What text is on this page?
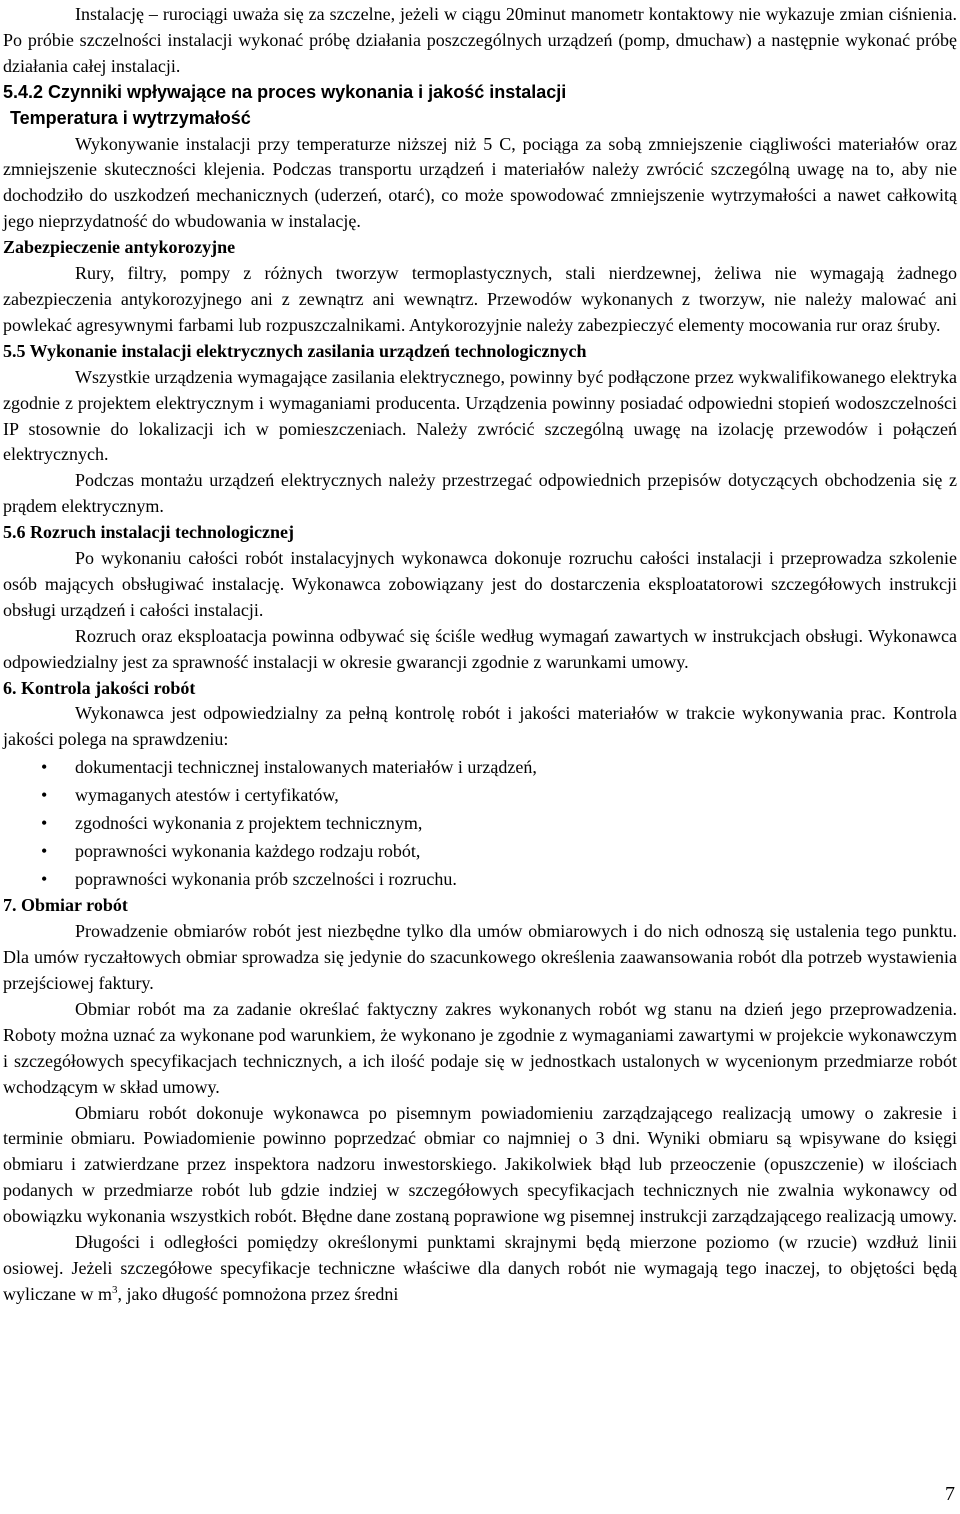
Instalację – rurociągi uważa się za szczelne, jeżeli w ciągu 20minut manometr kontaktowy nie wykazuje zmian ciśnienia. Po próbie szczelności instalacji wykonać próbę działania poszczególnych urządzeń (pomp, dmuchaw) a następnie wykonać próbę działania całej instalacji.

5.4.2 Czynniki wpływające na proces wykonania i jakość instalacji
Temperatura i wytrzymałość

Wykonywanie instalacji przy temperaturze niższej niż 5 C, pociąga za sobą zmniejszenie ciągliwości materiałów oraz zmniejszenie skuteczności klejenia. Podczas transportu urządzeń i materiałów należy zwrócić szczególną uwagę na to, aby nie dochodziło do uszkodzeń mechanicznych (uderzeń, otarć), co może spowodować zmniejszenie wytrzymałości a nawet całkowitą jego nieprzydatność do wbudowania w instalację.

Zabezpieczenie antykorozyjne

Rury, filtry, pompy z różnych tworzyw termoplastycznych, stali nierdzewnej, żeliwa nie wymagają żadnego zabezpieczenia antykorozyjnego ani z zewnątrz ani wewnątrz. Przewodów wykonanych z tworzyw, nie należy malować ani powlekać agresywnymi farbami lub rozpuszczalnikami. Antykorozyjnie należy zabezpieczyć elementy mocowania rur oraz śruby.

5.5 Wykonanie instalacji elektrycznych zasilania urządzeń technologicznych

Wszystkie urządzenia wymagające zasilania elektrycznego, powinny być podłączone przez wykwalifikowanego elektryka zgodnie z projektem elektrycznym i wymaganiami producenta. Urządzenia powinny posiadać odpowiedni stopień wodoszczelności IP stosownie do lokalizacji ich w pomieszczeniach. Należy zwrócić szczególną uwagę na izolację przewodów i połączeń elektrycznych.

Podczas montażu urządzeń elektrycznych należy przestrzegać odpowiednich przepisów dotyczących obchodzenia się z prądem elektrycznym.

5.6 Rozruch instalacji technologicznej

Po wykonaniu całości robót instalacyjnych wykonawca dokonuje rozruchu całości instalacji i przeprowadza szkolenie osób mających obsługiwać instalację. Wykonawca zobowiązany jest do dostarczenia eksploatatorowi szczegółowych instrukcji obsługi urządzeń i całości instalacji.

Rozruch oraz eksploatacja powinna odbywać się ściśle według wymagań zawartych w instrukcjach obsługi. Wykonawca odpowiedzialny jest za sprawność instalacji w okresie gwarancji zgodnie z warunkami umowy.

6. Kontrola jakości robót

Wykonawca jest odpowiedzialny za pełną kontrolę robót i jakości materiałów w trakcie wykonywania prac. Kontrola jakości polega na sprawdzeniu:

• dokumentacji technicznej instalowanych materiałów i urządzeń,
• wymaganych atestów i certyfikatów,
• zgodności wykonania z projektem technicznym,
• poprawności wykonania każdego rodzaju robót,
• poprawności wykonania prób szczelności i rozruchu.
7. Obmiar robót

Prowadzenie obmiarów robót jest niezbędne tylko dla umów obmiarowych i do nich odnoszą się ustalenia tego punktu. Dla umów ryczałtowych obmiar sprowadza się jedynie do szacunkowego określenia zaawansowania robót dla potrzeb wystawienia przejściowej faktury.

Obmiar robót ma za zadanie określać faktyczny zakres wykonanych robót wg stanu na dzień jego przeprowadzenia. Roboty można uznać za wykonane pod warunkiem, że wykonano je zgodnie z wymaganiami zawartymi w projekcie wykonawczym i szczegółowych specyfikacjach technicznych, a ich ilość podaje się w jednostkach ustalonych w wycenionym przedmiarze robót wchodzącym w skład umowy.

Obmiaru robót dokonuje wykonawca po pisemnym powiadomieniu zarządzającego realizacją umowy o zakresie i terminie obmiaru. Powiadomienie powinno poprzedzać obmiar co najmniej o 3 dni. Wyniki obmiaru są wpisywane do księgi obmiaru i zatwierdzane przez inspektora nadzoru inwestorskiego. Jakikolwiek błąd lub przeoczenie (opuszczenie) w ilościach podanych w przedmiarze robót lub gdzie indziej w szczegółowych specyfikacjach technicznych nie zwalnia wykonawcy od obowiązku wykonania wszystkich robót. Błędne dane zostaną poprawione wg pisemnej instrukcji zarządzającego realizacją umowy.

Długości i odległości pomiędzy określonymi punktami skrajnymi będą mierzone poziomo (w rzucie) wzdłuż linii osiowej. Jeżeli szczegółowe specyfikacje techniczne właściwe dla danych robót nie wymagają tego inaczej, to objętości będą wyliczane w $m^3$, jako długość pomnożona przez średni

7
